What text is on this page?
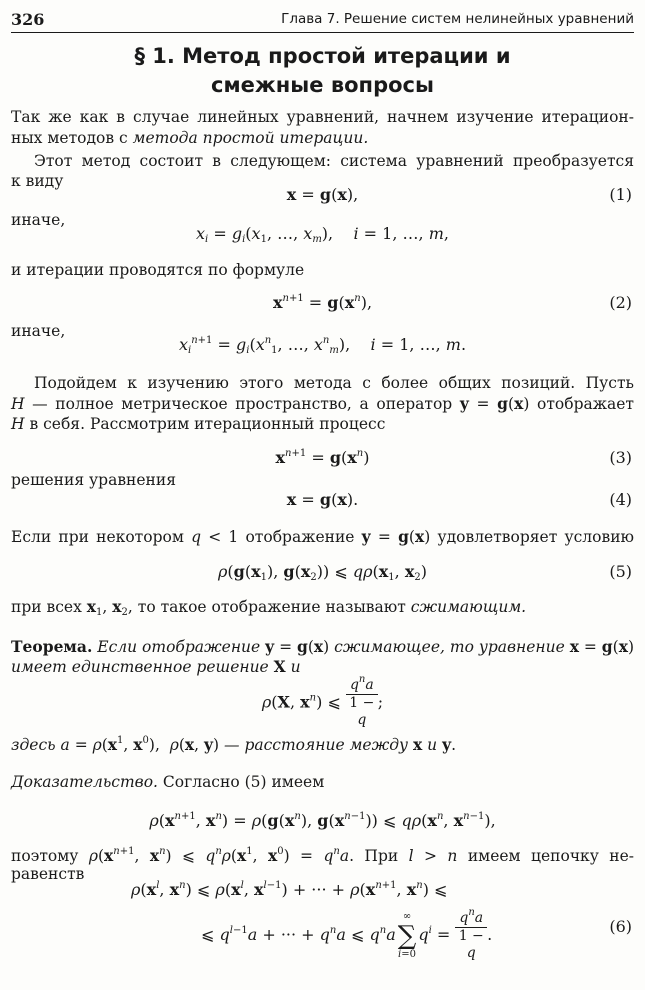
326	Глава 7. Решение систем нелинейных уравнений
§ 1. Метод простой итерации и
смежные вопросы
Так же как в случае линейных уравнений, начнем изучение итерацион-
ных методов с метода простой итерации.
Этот метод состоит в следующем: система уравнений преобразуется
к виду
x = g(x),	(1)
иначе,
$x_i = g_i(x_1$, …, $x_m$),    i = 1, …, m,
и итерации проводятся по формуле
$x^{n+1} = g(x^n)$,	(2)
иначе,
$x_i^{n+1} = g_i(x^n_1$, …, $x^n_m$),    i = 1, …, m.
Подойдем к изучению этого метода с более общих позиций. Пусть
H — полное метрическое пространство, а оператор y = g(x) отображает
H в себя. Рассмотрим итерационный процесс
$x^{n+1} = g(x^n)$	(3)
решения уравнения
x = g(x).	(4)
Если при некотором q < 1 отображение y = g(x) удовлетворяет условию
$\rho(g(x_1)$, $g(x_2)$) ⩽ $q\rho(x_1$, $x_2$)	(5)
при всех $x_1$, $x_2$, то такое отображение называют сжимающим.
Теорема. Если отображение y = g(x) сжимающее, то уравнение x = g(x)
имеет единственное решение X и
ρ(X, $x^n$) ⩽ $q^na$
1 −
q ;
здесь $a = \rho(x^1$, $x^0$),  ρ(x, y) — расстояние между x и y.
Доказательство. Согласно (5) имеем
$\rho(x^{n+1}$, $x^n) = \rho(g(x^n)$, $g(x^{n-1})$) ⩽ $q\rho(x^n$, $x^{n-1}$),
поэтому $\rho(x^{n+1}$, $x^n$) ⩽ $q^n\rho(x^1$, $x^0) = q^na$. При l > n имеем цепочку не-
равенств
$\rho(x^l$, $x^n$) ⩽ $\rho(x^l$, $x^{l-1}$) + ··· + $\rho(x^{n+1}$, $x^n$) ⩽
⩽ $q^{l-1}a$ + ··· + $q^na$ ⩽ $q^na$
∞
∑
i=0
$q^i = q^na$
1 −
q .	(6)
